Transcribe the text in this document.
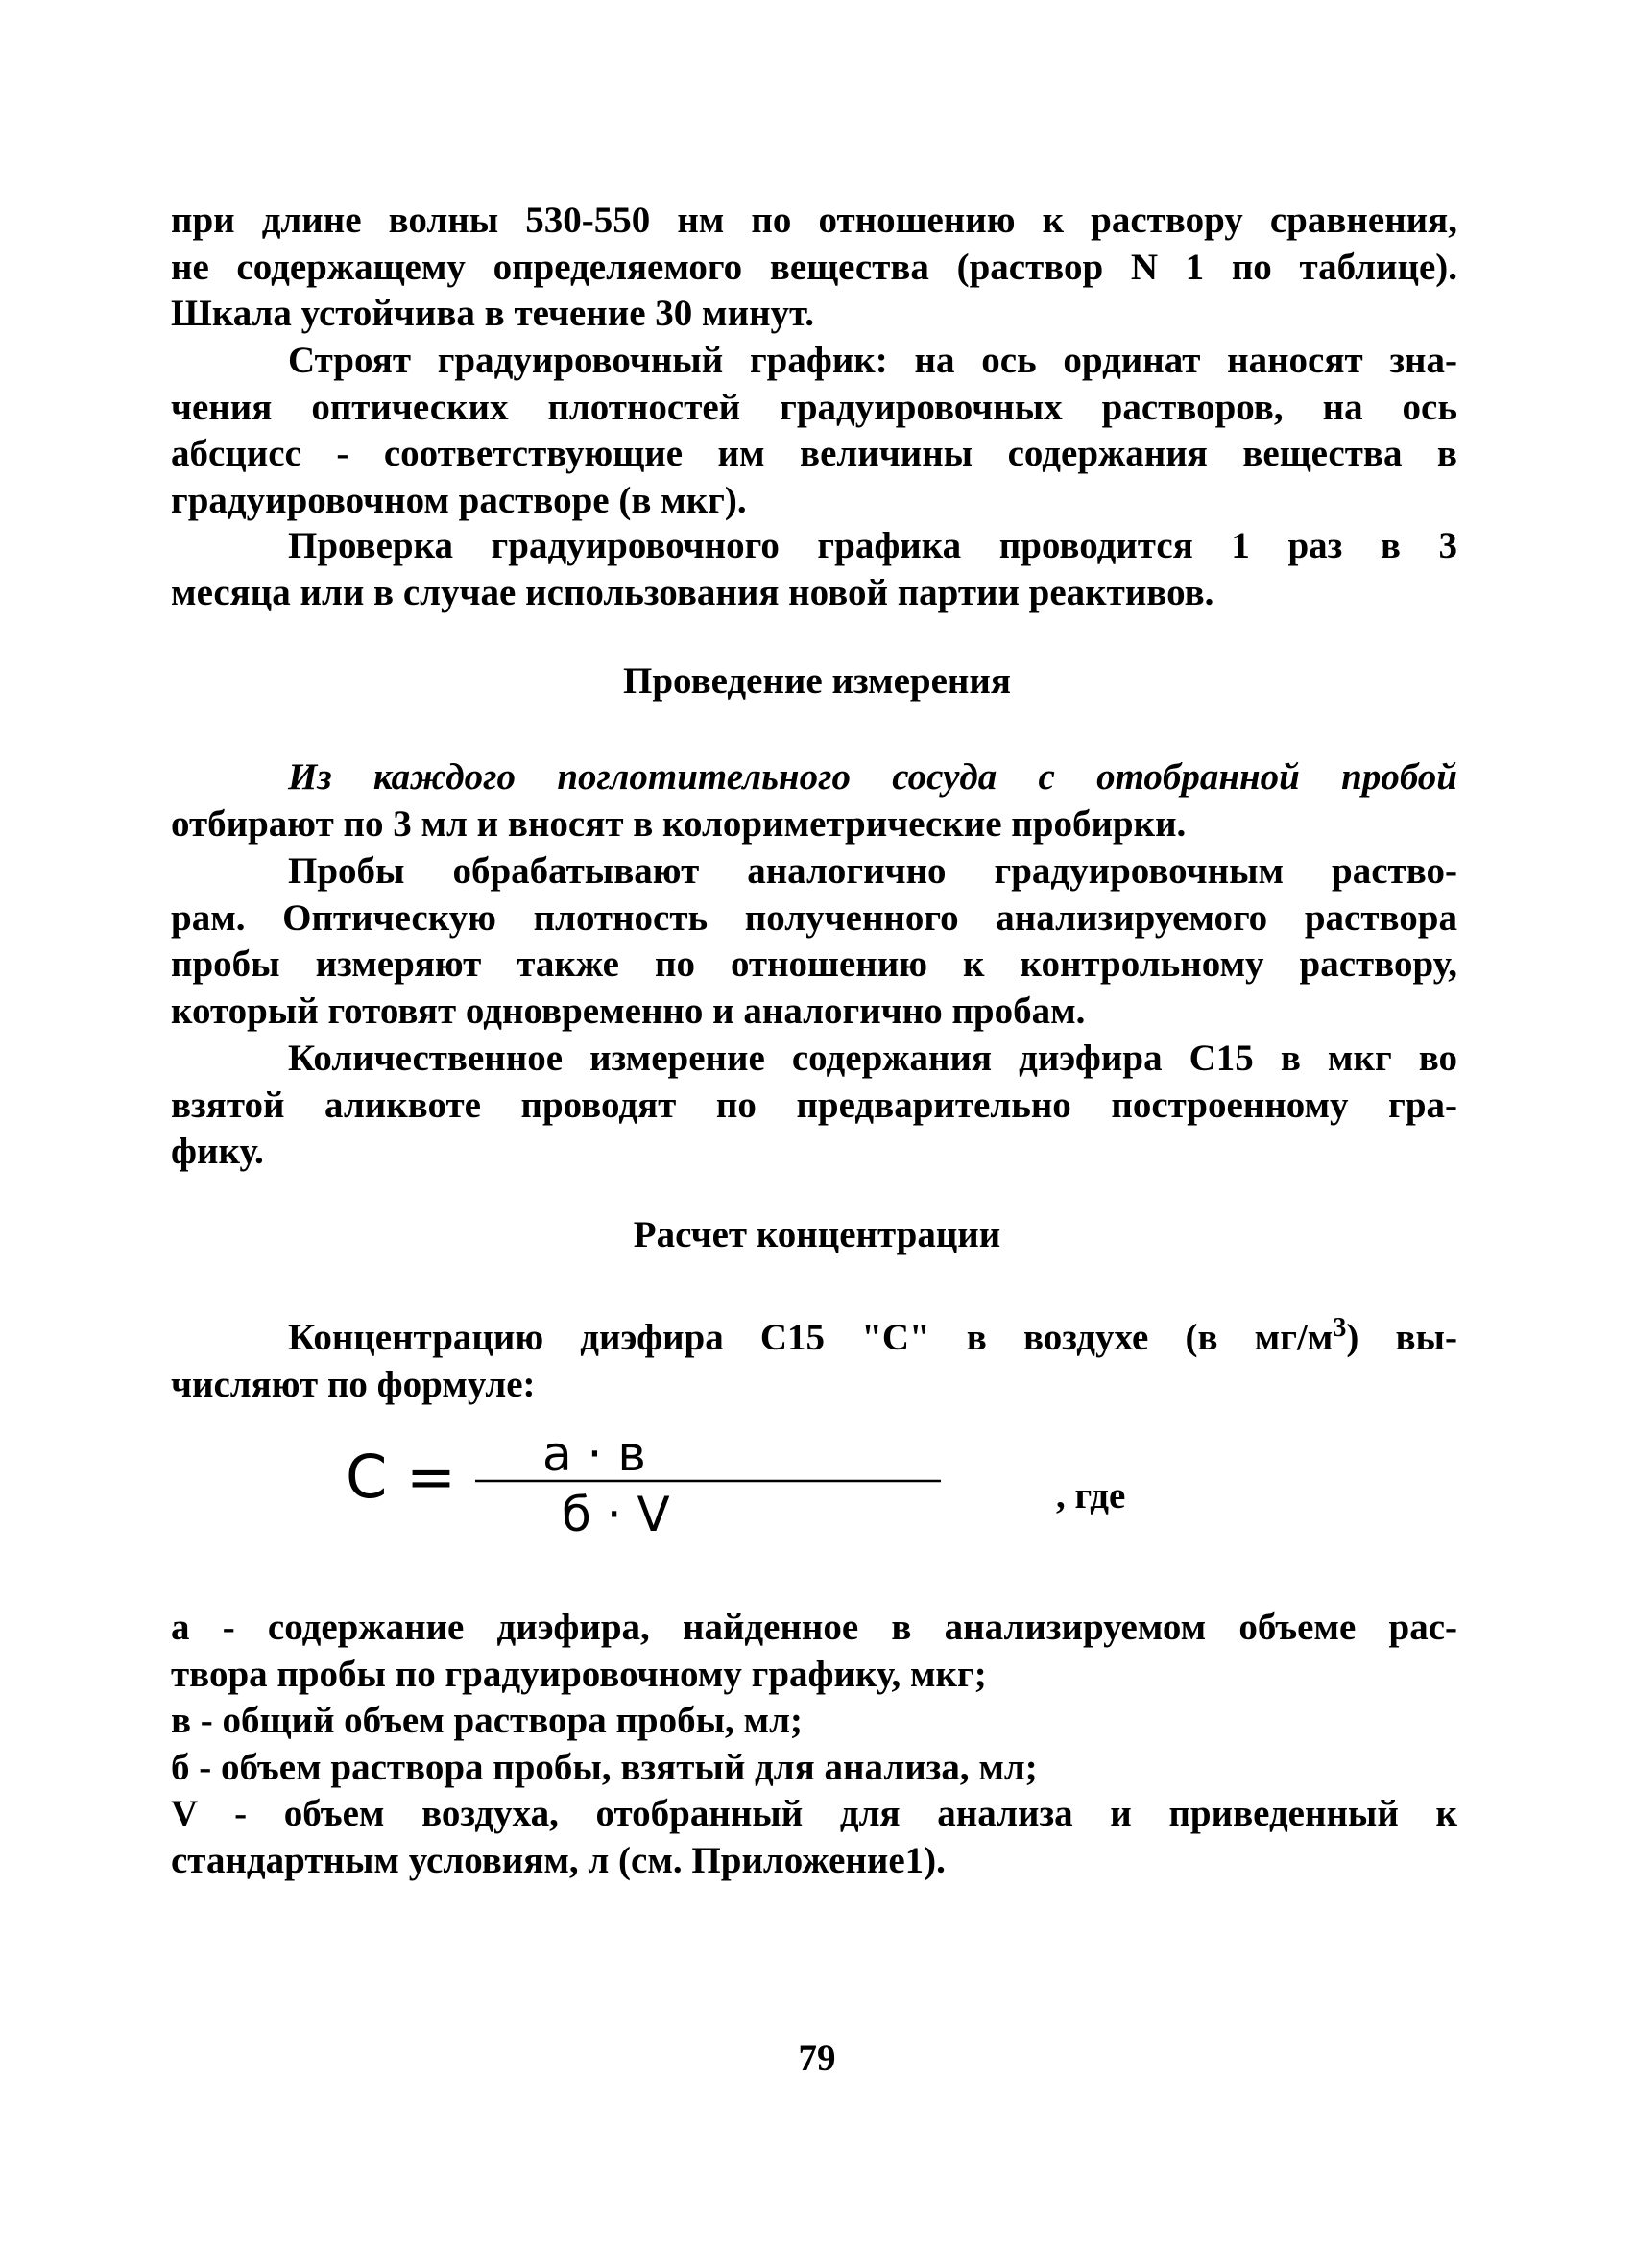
при длине волны 530-550 нм по отношению к раствору сравнения,
не содержащему определяемого вещества (раствор N 1 по таблице).
Шкала устойчива в течение 30 минут.
Строят градуировочный график: на ось ординат наносят зна-
чения оптических плотностей градуировочных растворов, на ось
абсцисс - соответствующие им величины содержания вещества в
градуировочном растворе (в мкг).
Проверка градуировочного графика проводится 1 раз в 3
месяца или в случае использования новой партии реактивов.
Проведение измерения
Из каждого поглотительного сосуда с отобранной пробой
отбирают по 3 мл и вносят в колориметрические пробирки.
Пробы обрабатывают аналогично градуировочным раство-
рам. Оптическую плотность полученного анализируемого раствора
пробы измеряют также по отношению к контрольному раствору,
который готовят одновременно и аналогично пробам.
Количественное измерение содержания диэфира С15 в мкг во
взятой аликвоте проводят по предварительно построенному гра-
фику.
Расчет концентрации
Концентрацию диэфира С15 "С" в воздухе (в $мг/м^3$) вы-
числяют по формуле:
С = а · в
б · V	, где
а - содержание диэфира, найденное в анализируемом объеме рас-
твора пробы по градуировочному графику, мкг;
в - общий объем раствора пробы, мл;
б - объем раствора пробы, взятый для анализа, мл;
V - объем воздуха, отобранный для анализа и приведенный к
стандартным условиям, л (см. Приложение1).
79
